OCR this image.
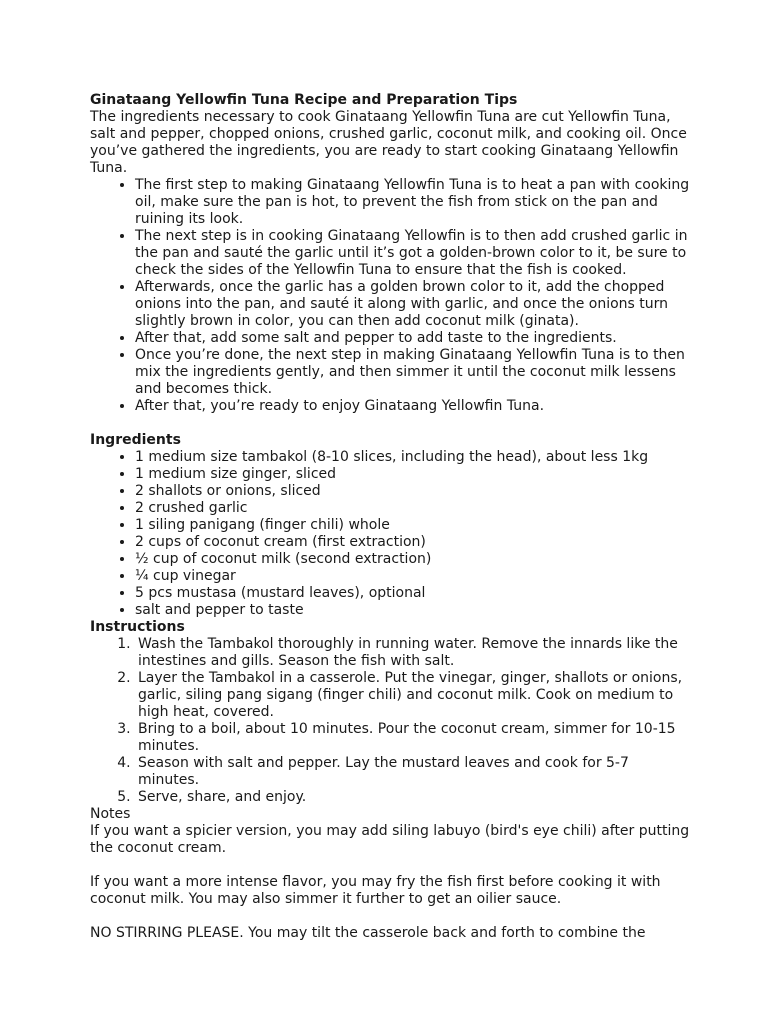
Ginataang Yellowfin Tuna Recipe and Preparation Tips

The ingredients necessary to cook Ginataang Yellowfin Tuna are cut Yellowfin Tuna, salt and pepper, chopped onions, crushed garlic, coconut milk, and cooking oil. Once you’ve gathered the ingredients, you are ready to start cooking Ginataang Yellowfin Tuna.

• The first step to making Ginataang Yellowfin Tuna is to heat a pan with cooking oil, make sure the pan is hot, to prevent the fish from stick on the pan and ruining its look.
• The next step is in cooking Ginataang Yellowfin is to then add crushed garlic in the pan and sauté the garlic until it’s got a golden-brown color to it, be sure to check the sides of the Yellowfin Tuna to ensure that the fish is cooked.
• Afterwards, once the garlic has a golden brown color to it, add the chopped onions into the pan, and sauté it along with garlic, and once the onions turn slightly brown in color, you can then add coconut milk (ginata).
• After that, add some salt and pepper to add taste to the ingredients.
• Once you’re done, the next step in making Ginataang Yellowfin Tuna is to then mix the ingredients gently, and then simmer it until the coconut milk lessens and becomes thick.
• After that, you’re ready to enjoy Ginataang Yellowfin Tuna.

Ingredients

• 1 medium size tambakol (8-10 slices, including the head), about less 1kg
• 1 medium size ginger, sliced
• 2 shallots or onions, sliced
• 2 crushed garlic
• 1 siling panigang (finger chili) whole
• 2 cups of coconut cream (first extraction)
• ½ cup of coconut milk (second extraction)
• ¼ cup vinegar
• 5 pcs mustasa (mustard leaves), optional
• salt and pepper to taste

Instructions

1. Wash the Tambakol thoroughly in running water. Remove the innards like the intestines and gills. Season the fish with salt.
2. Layer the Tambakol in a casserole. Put the vinegar, ginger, shallots or onions, garlic, siling pang sigang (finger chili) and coconut milk. Cook on medium to high heat, covered.
3. Bring to a boil, about 10 minutes. Pour the coconut cream, simmer for 10-15 minutes.
4. Season with salt and pepper. Lay the mustard leaves and cook for 5-7 minutes.
5. Serve, share, and enjoy.

Notes

If you want a spicier version, you may add siling labuyo (bird's eye chili) after putting the coconut cream.

If you want a more intense flavor, you may fry the fish first before cooking it with coconut milk. You may also simmer it further to get an oilier sauce.

NO STIRRING PLEASE. You may tilt the casserole back and forth to combine the
